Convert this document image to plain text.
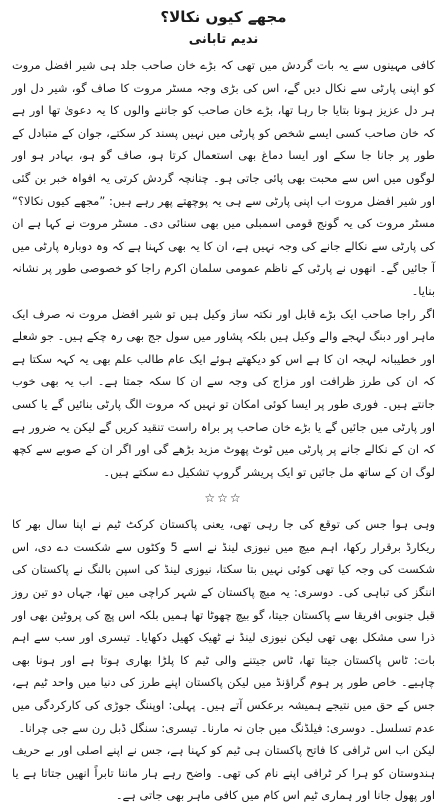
مجھے کیوں نکالا؟
ندیم تابانی

کافی مہینوں سے یہ بات گردش میں تھی کہ بڑے خان صاحب جلد ہی شیر افضل مروت کو اپنی پارٹی سے نکال دیں گے، اس کی بڑی وجہ مسٹر مروت کا صاف گو، شیر دل اور ہر دل عزیز ہونا بتایا جا رہا تھا، بڑے خان صاحب کو جاننے والوں کا یہ دعویٰ تھا اور ہے کہ خان صاحب کسی ایسے شخص کو پارٹی میں نہیں پسند کر سکتے، جوان کے متبادل کے طور پر جانا جا سکے اور ایسا دماغ بھی استعمال کرتا ہو، صاف گو ہو، بہادر ہو اور لوگوں میں اس سے محبت بھی پائی جاتی ہو۔ چنانچہ گردش کرتی یہ افواہ خبر بن گئی اور شیر افضل مروت اب اپنی پارٹی سے ہی یہ پوچھتے پھر رہے ہیں: ”مجھے کیوں نکالا؟“ مسٹر مروت کی یہ گونج قومی اسمبلی میں بھی سنائی دی۔ مسٹر مروت نے کہا ہے ان کی پارٹی سے نکالے جانے کی وجہ نہیں ہے، ان کا یہ بھی کہنا ہے کہ وہ دوبارہ پارٹی میں آ جائیں گے۔ انھوں نے پارٹی کے ناظم عمومی سلمان اکرم راجا کو خصوصی طور پر نشانہ بنایا۔

اگر راجا صاحب ایک بڑے قابل اور نکتہ ساز وکیل ہیں تو شیر افضل مروت نہ صرف ایک ماہر اور دبنگ لہجے والے وکیل ہیں بلکہ پشاور میں سول جج بھی رہ چکے ہیں۔ جو شعلے اور خطیبانہ لہجہ ان کا ہے اس کو دیکھتے ہوئے ایک عام طالب علم بھی یہ کہہ سکتا ہے کہ ان کی طرز ظرافت اور مزاج کی وجہ سے ان کا سکہ جمتا ہے۔ اب یہ بھی خوب جانتے ہیں۔ فوری طور پر ایسا کوئی امکان تو نہیں کہ مروت الگ پارٹی بنائیں گے یا کسی اور پارٹی میں جائیں گے یا بڑے خان صاحب پر براہ راست تنقید کریں گے لیکن یہ ضرور ہے کہ ان کے نکالے جانے پر پارٹی میں ٹوٹ پھوٹ مزید بڑھے گی اور اگر ان کے صوبے سے کچھ لوگ ان کے ساتھ مل جائیں تو ایک پریشر گروپ تشکیل دے سکتے ہیں۔

☆☆☆

وہی ہوا جس کی توقع کی جا رہی تھی، یعنی پاکستان کرکٹ ٹیم نے اپنا سال بھر کا ریکارڈ برقرار رکھا، اہم میچ میں نیوزی لینڈ نے اسے 5 وکٹوں سے شکست دے دی، اس شکست کی وجہ کیا تھی کوئی نہیں بتا سکتا، نیوزی لینڈ کی اسپن بالنگ نے پاکستان کی اننگز کی تباہی کی۔ دوسری: یہ میچ پاکستان کے شہر کراچی میں تھا، جہاں دو تین روز قبل جنوبی افریقا سے پاکستان جیتا، گو بیچ چھوٹا تھا ہمیں بلکہ اس پچ کی پروٹین بھی اور ذرا سی مشکل بھی تھی لیکن نیوزی لینڈ نے ٹھیک کھیل دکھایا۔ تیسری اور سب سے اہم بات: ٹاس پاکستان جیتا تھا، ٹاس جیتنے والی ٹیم کا پلڑا بھاری ہوتا ہے اور ہونا بھی چاہیے۔ خاص طور پر ہوم گراؤنڈ میں لیکن پاکستان اپنے طرز کی دنیا میں واحد ٹیم ہے، جس کے حق میں نتیجے ہمیشہ برعکس آتے ہیں۔ پہلی: اوپننگ جوڑی کی کارکردگی میں عدم تسلسل۔ دوسری: فیلڈنگ میں جان نہ مارنا۔ تیسری: سنگل ڈبل رن سے جی چرانا۔

لیکن اب اس ٹرافی کا فاتح پاکستان ہی ٹیم کو کہنا ہے، جس نے اپنے اصلی اور بے حریف ہندوستان کو ہرا کر ٹرافی اپنے نام کی تھی۔ واضح رہے ہار ماننا تابراً انھیں جتاتا ہے یا اور پھول جانا اور ہماری ٹیم اس کام میں کافی ماہر بھی جاتی ہے۔
